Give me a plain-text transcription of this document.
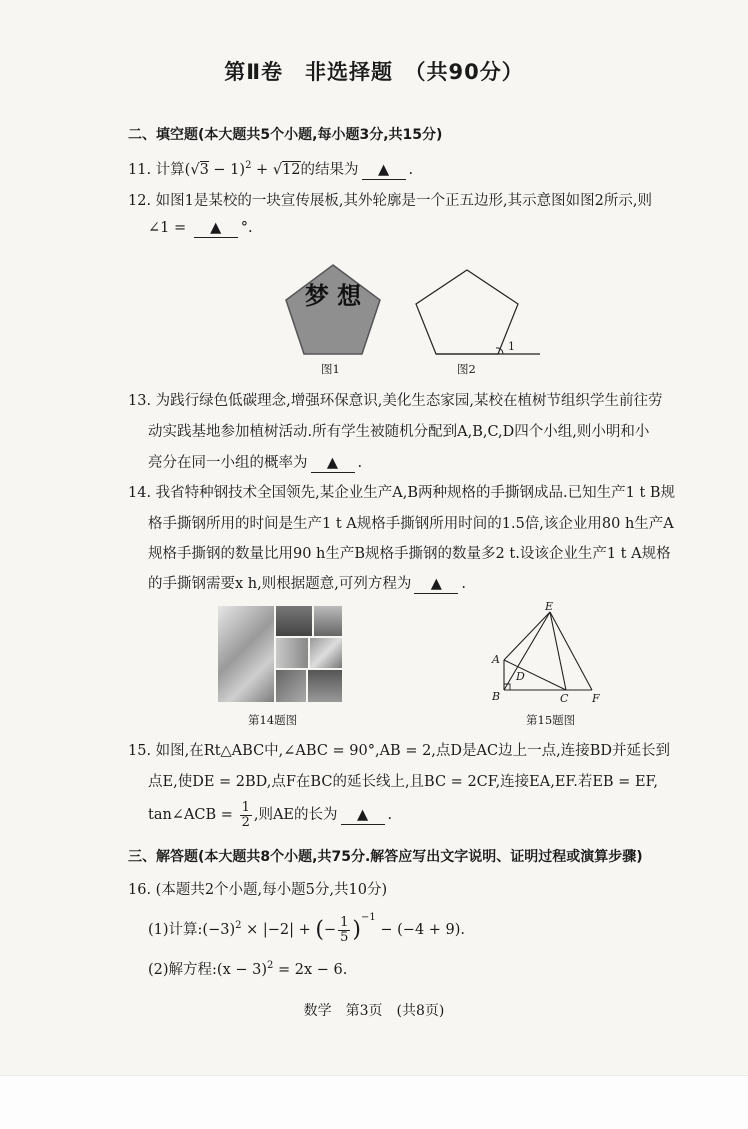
第Ⅱ卷　非选择题　（共90分）
二、填空题(本大题共5个小题,每小题3分,共15分)
11. 计算$(√3 - 1)^2 + √12$的结果为 ▲ .
12. 如图1是某校的一块宣传展板,其外轮廓是一个正五边形,其示意图如图2所示,则
∠1 = ▲ °.
梦 想
图1
1
图2
13. 为践行绿色低碳理念,增强环保意识,美化生态家园,某校在植树节组织学生前往劳
动实践基地参加植树活动.所有学生被随机分配到A,B,C,D四个小组,则小明和小
亮分在同一小组的概率为 ▲ .
14. 我省特种钢技术全国领先,某企业生产A,B两种规格的手撕钢成品.已知生产1 t B规
格手撕钢所用的时间是生产1 t A规格手撕钢所用时间的1.5倍,该企业用80 h生产A
规格手撕钢的数量比用90 h生产B规格手撕钢的数量多2 t.设该企业生产1 t A规格
的手撕钢需要x h,则根据题意,可列方程为 ▲ .
第14题图
E
A
D
B	C F
第15题图
15. 如图,在Rt△ABC中,∠ABC = 90°,AB = 2,点D是AC边上一点,连接BD并延长到
点E,使DE = 2BD,点F在BC的延长线上,且BC = 2CF,连接EA,EF.若EB = EF,
tan∠ACB = $\frac{1}{2}$ ,则AE的长为 ▲ .
三、解答题(本大题共8个小题,共75分.解答应写出文字说明、证明过程或演算步骤)
16. (本题共2个小题,每小题5分,共10分)
(1)计算$:(-3)^2 \times |-2|$ + (− $\frac{1}{5} )^{-1} - (-4 + 9)$.
(2)解方程:(x − 3)$^2$ = 2x − 6.
数学　第3页　(共8页)
